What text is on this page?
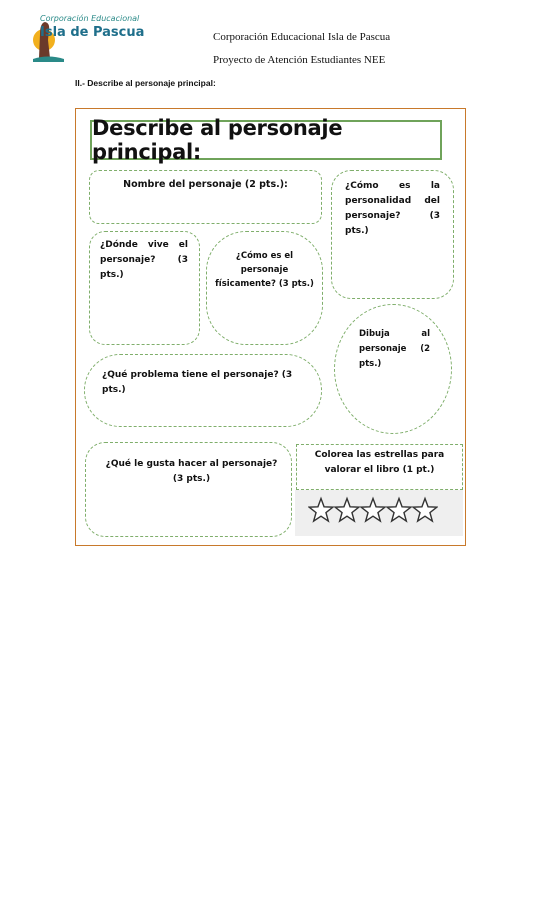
Corporación Educacional
Isla de Pascua	Corporación Educacional Isla de Pascua
Proyecto de Atención Estudiantes NEE
II.- Describe al personaje principal:
Describe al personaje principal:
Nombre del personaje (2 pts.):	¿Cómo es la personalidad del personaje? (3 pts.)
¿Dónde vive el personaje? (3 pts.)
¿Cómo es el personaje físicamente? (3 pts.)
Dibuja al personaje (2 pts.)
¿Qué problema tiene el personaje? (3 pts.)
¿Qué le gusta hacer al personaje? (3 pts.)
Colorea las estrellas para valorar el libro (1 pt.)
